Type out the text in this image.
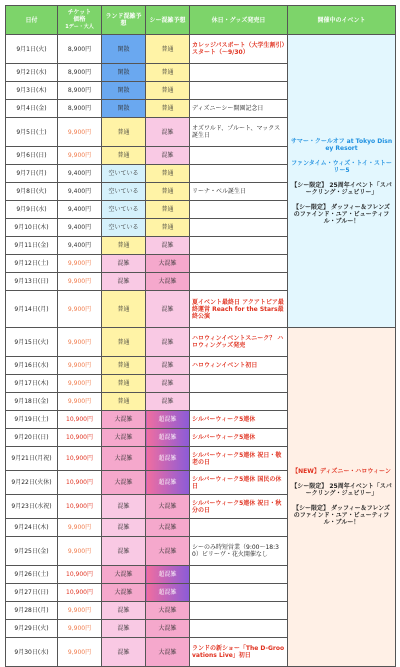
日付	チケット
価格
1デー・大人	ランド混雑予想	シー混雑予想	休日・グッズ発売日	開催中のイベント
9月1日(火)	8,900円	閑散	普通	カレッジパスポート（大学生割引）スタート（～9/30）	サマー・クールオフ at Tokyo Disney Resort
ファンタイム・ウィズ・トイ・ストーリー5
【シー限定】 25周年イベント「スパークリング・ジュビリー」
【シー限定】 ダッフィー＆フレンズのファインド・ユア・ビューティフル・ブルー！

9月2日(水)	8,900円	閑散	普通		
9月3日(木)	8,900円	閑散	普通		
9月4日(金)	8,900円	閑散	普通	ディズニーシー開園記念日	
9月5日(土)	9,900円	普通	混雑	オズワルド、プルート、マックス誕生日	
9月6日(日)	9,900円	普通	混雑		
9月7日(月)	9,400円	空いている	普通		
9月8日(火)	9,400円	空いている	普通	リーナ・ベル誕生日	
9月9日(水)	9,400円	空いている	普通		
9月10日(木)	9,400円	空いている	普通		
9月11日(金)	9,400円	普通	混雑		
9月12日(土)	9,900円	混雑	大混雑		
9月13日(日)	9,900円	混雑	大混雑		
9月14日(月)	9,900円	普通	混雑	夏イベント最終日 アクアトピア最終運営 Reach for the Stars最終公演	
9月15日(火)	9,900円	普通	混雑	ハロウィンイベントスニーク？ ハロウィングッズ発売	【NEW】ディズニー・ハロウィーン
【シー限定】 25周年イベント「スパークリング・ジュビリー」
【シー限定】 ダッフィー＆フレンズのファインド・ユア・ビューティフル・ブルー！

9月16日(水)	9,900円	普通	混雑	ハロウィンイベント初日	
9月17日(木)	9,900円	普通	混雑		
9月18日(金)	9,900円	普通	混雑		
9月19日(土)	10,900円	大混雑	超混雑	シルバーウィーク5連休	
9月20日(日)	10,900円	大混雑	超混雑	シルバーウィーク5連休	
9月21日(月祝)	10,900円	大混雑	超混雑	シルバーウィーク5連休 祝日・敬老の日	
9月22日(火休)	10,900円	大混雑	超混雑	シルバーウィーク5連休 国民の休日	
9月23日(水祝)	10,900円	混雑	大混雑	シルバーウィーク5連休 祝日・秋分の日	
9月24日(木)	9,900円	混雑	大混雑		
9月25日(金)	9,900円	混雑	大混雑	シーのみ時短営業（9:00～18:30）ビリーヴ・花火開催なし	
9月26日(土)	10,900円	大混雑	超混雑		
9月27日(日)	10,900円	大混雑	超混雑		
9月28日(月)	9,900円	混雑	大混雑		
9月29日(火)	9,900円	混雑	大混雑		
9月30日(水)	9,900円	混雑	大混雑	ランドの新ショー「The D-Groovations Live」初日	
